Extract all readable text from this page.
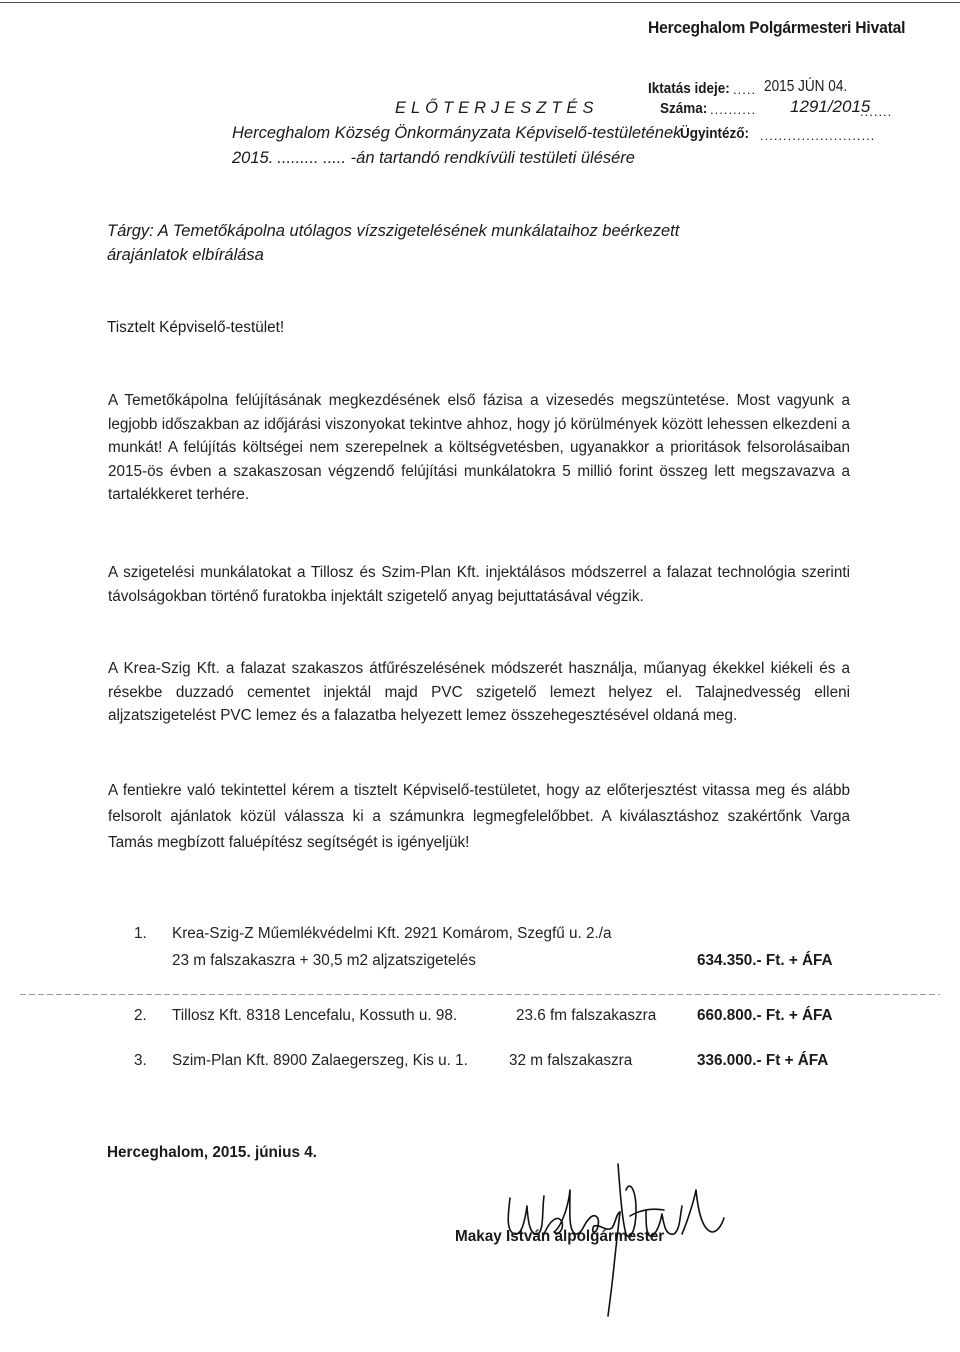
Herceghalom Polgármesteri Hivatal
Iktatás ideje: ..... 2015 JÚN 04.
Száma: .......... 1291/2015
.......
Ügyintéző: .........................
ELŐTERJESZTÉS
Herceghalom Község Önkormányzata Képviselő-testületének
2015. ......... ..... -án tartandó rendkívüli testületi ülésére
Tárgy: A Temetőkápolna utólagos vízszigetelésének munkálataihoz beérkezett
árajánlatok elbírálása
Tisztelt Képviselő-testület!
A Temetőkápolna felújításának megkezdésének első fázisa a vizesedés megszüntetése. Most vagyunk a legjobb időszakban az időjárási viszonyokat tekintve ahhoz, hogy jó körülmények között lehessen elkezdeni a munkát! A felújítás költségei nem szerepelnek a költségvetésben, ugyanakkor a prioritások felsorolásaiban 2015-ös évben a szakaszosan végzendő felújítási munkálatokra 5 millió forint összeg lett megszavazva a tartalékkeret terhére.
A szigetelési munkálatokat a Tillosz és Szim-Plan Kft. injektálásos módszerrel a falazat technológia szerinti távolságokban történő furatokba injektált szigetelő anyag bejuttatásával végzik.
A Krea-Szig Kft. a falazat szakaszos átfűrészelésének módszerét használja, műanyag ékekkel kiékeli és a résekbe duzzadó cementet injektál majd PVC szigetelő lemezt helyez el. Talajnedvesség elleni aljzatszigetelést PVC lemez és a falazatba helyezett lemez összehegesztésével oldaná meg.
A fentiekre való tekintettel kérem a tisztelt Képviselő-testületet, hogy az előterjesztést vitassa meg és alább felsorolt ajánlatok közül válassza ki a számunkra legmegfelelőbbet. A kiválasztáshoz szakértőnk Varga Tamás megbízott faluépítész segítségét is igényeljük!
1. Krea-Szig-Z Műemlékvédelmi Kft. 2921 Komárom, Szegfű u. 2./a
23 m falszakaszra + 30,5 m2 aljzatszigetelés	634.350.- Ft. + ÁFA
2. Tillosz Kft. 8318 Lencefalu, Kossuth u. 98.	23.6 fm falszakaszra	660.800.- Ft. + ÁFA
3. Szim-Plan Kft. 8900 Zalaegerszeg, Kis u. 1.	32 m falszakaszra	336.000.- Ft + ÁFA
Herceghalom, 2015. június 4.
Makay István alpolgármester
